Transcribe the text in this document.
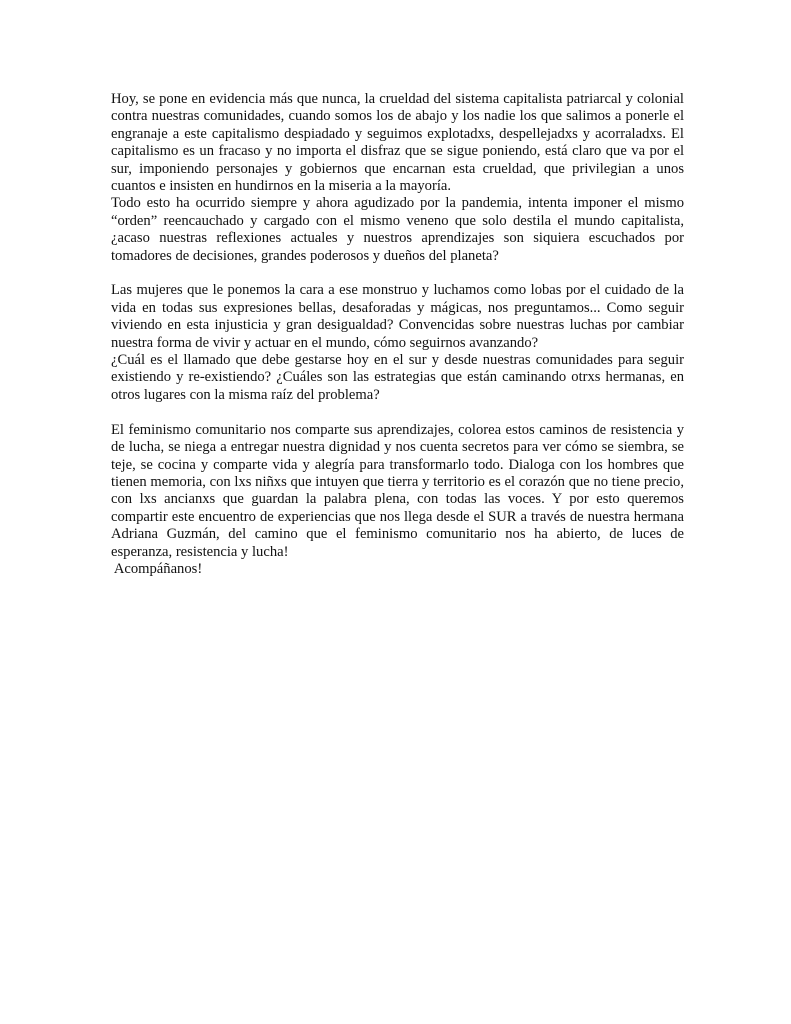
Hoy, se pone en evidencia más que nunca, la crueldad del sistema capitalista patriarcal y colonial contra nuestras comunidades, cuando somos los de abajo y los nadie los que salimos a ponerle el engranaje a este capitalismo despiadado y seguimos explotadxs, despellejadxs y acorraladxs. El capitalismo es un fracaso y no importa el disfraz que se sigue poniendo, está claro que va por el sur, imponiendo personajes y gobiernos que encarnan esta crueldad, que privilegian a unos cuantos e insisten en hundirnos en la miseria a la mayoría.

Todo esto ha ocurrido siempre y ahora agudizado por la pandemia, intenta imponer el mismo “orden” reencauchado y cargado con el mismo veneno que solo destila el mundo capitalista, ¿acaso nuestras reflexiones actuales y nuestros aprendizajes son siquiera escuchados por tomadores de decisiones, grandes poderosos y dueños del planeta?

Las mujeres que le ponemos la cara a ese monstruo y luchamos como lobas por el cuidado de la vida en todas sus expresiones bellas, desaforadas y mágicas, nos preguntamos... Como seguir viviendo en esta injusticia y gran desigualdad? Convencidas sobre nuestras luchas por cambiar nuestra forma de vivir y actuar en el mundo, cómo seguirnos avanzando?

¿Cuál es el llamado que debe gestarse hoy en el sur y desde nuestras comunidades para seguir existiendo y re-existiendo? ¿Cuáles son las estrategias que están caminando otrxs hermanas, en otros lugares con la misma raíz del problema?

El feminismo comunitario nos comparte sus aprendizajes, colorea estos caminos de resistencia y de lucha, se niega a entregar nuestra dignidad y nos cuenta secretos para ver cómo se siembra, se teje, se cocina y comparte vida y alegría para transformarlo todo. Dialoga con los hombres que tienen memoria, con lxs niñxs que intuyen que tierra y territorio es el corazón que no tiene precio, con lxs ancianxs que guardan la palabra plena, con todas las voces. Y por esto queremos compartir este encuentro de experiencias que nos llega desde el SUR a través de nuestra hermana Adriana Guzmán, del camino que el feminismo comunitario nos ha abierto, de luces de esperanza, resistencia y lucha!

Acompáñanos!
